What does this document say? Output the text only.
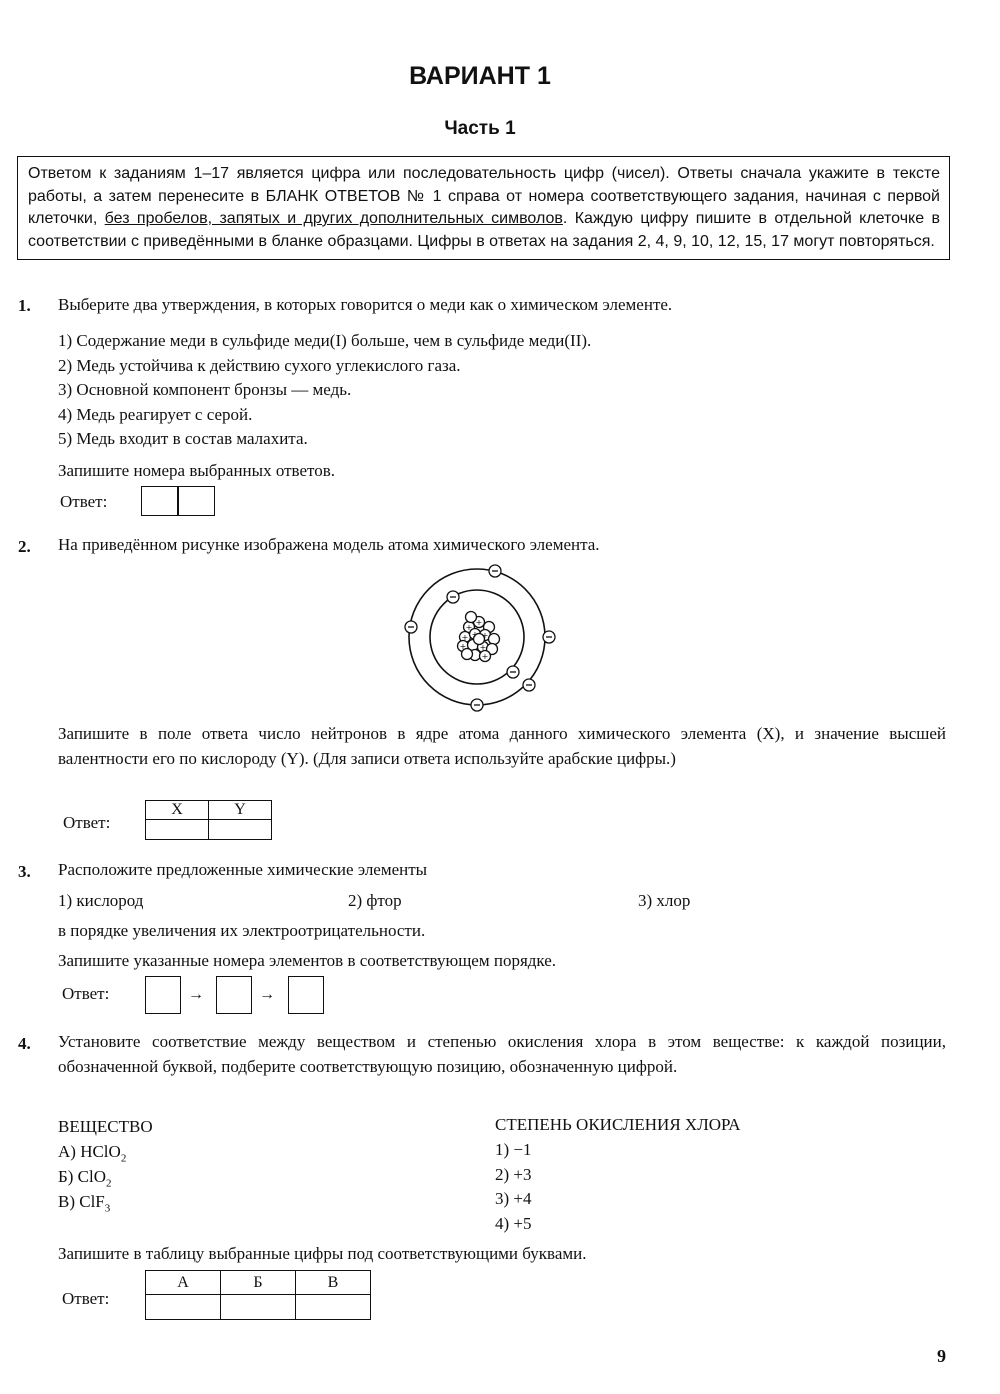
ВАРИАНТ 1
Часть 1
Ответом к заданиям 1–17 является цифра или последовательность цифр (чисел). Ответы сначала укажите в тексте работы, а затем перенесите в БЛАНК ОТВЕТОВ № 1 справа от номера соответствующего задания, начиная с первой клеточки, без пробелов, запятых и других дополнительных символов. Каждую цифру пишите в отдельной клеточке в соответствии с приведёнными в бланке образцами. Цифры в ответах на задания 2, 4, 9, 10, 12, 15, 17 могут повторяться.
1. Выберите два утверждения, в которых говорится о меди как о химическом элементе.
1) Содержание меди в сульфиде меди(I) больше, чем в сульфиде меди(II).
2) Медь устойчива к действию сухого углекислого газа.
3) Основной компонент бронзы — медь.
4) Медь реагирует с серой.
5) Медь входит в состав малахита.
Запишите номера выбранных ответов.
Ответ:
2. На приведённом рисунке изображена модель атома химического элемента.
+
+
+
+ +
+ +
+
Запишите в поле ответа число нейтронов в ядре атома данного химического элемента (X), и значение высшей валентности его по кислороду (Y). (Для записи ответа используйте арабские цифры.)
Ответ:
X	Y

3. Расположите предложенные химические элементы
1) кислород	2) фтор	3) хлор
в порядке увеличения их электроотрицательности.
Запишите указанные номера элементов в соответствующем порядке.
Ответ:	→	→
4. Установите соответствие между веществом и степенью окисления хлора в этом веществе: к каждой позиции, обозначенной буквой, подберите соответствующую позицию, обозначенную цифрой.
ВЕЩЕСТВО
А) HClO$_2$
Б) ClO$_2$
В) ClF$_3$
СТЕПЕНЬ ОКИСЛЕНИЯ ХЛОРА
1) −1
2) +3
3) +4
4) +5
Запишите в таблицу выбранные цифры под соответствующими буквами.
Ответ:
А	Б	В

9
